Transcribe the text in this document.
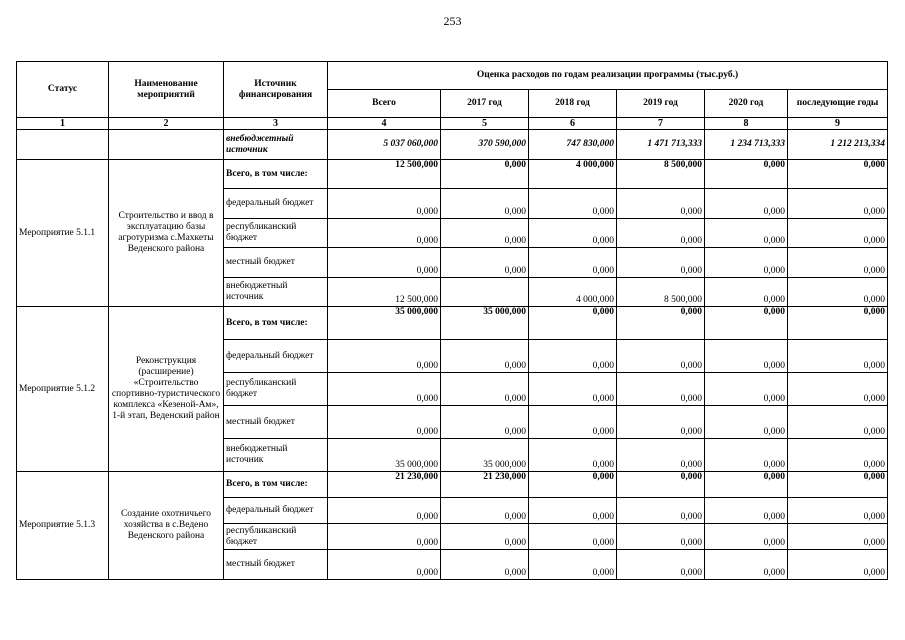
253
Статус	Наименование мероприятий	Источник финансирования	Оценка расходов по годам реализации программы (тыс.руб.)					
			Всего	2017 год	2018 год	2019 год	2020 год	последующие годы
1	2	3	4	5	6	7	8	9
		внебюджетный источник	5 037 060,000	370 590,000	747 830,000	1 471 713,333	1 234 713,333	1 212 213,334
Мероприятие 5.1.1	Строительство и ввод в эксплуатацию базы агротуризма с.Махкеты Веденского района	Всего, в том числе:	12 500,000	0,000	4 000,000	8 500,000	0,000	0,000
		федеральный бюджет	0,000	0,000	0,000	0,000	0,000	0,000
		республиканский бюджет	0,000	0,000	0,000	0,000	0,000	0,000
		местный бюджет	0,000	0,000	0,000	0,000	0,000	0,000
		внебюджетный источник	12 500,000		4 000,000	8 500,000	0,000	0,000
Мероприятие 5.1.2	Реконструкция (расширение) «Строительство спортивно-туристического комплекса «Кезеной-Ам», 1-й этап, Веденский район	Всего, в том числе:	35 000,000	35 000,000	0,000	0,000	0,000	0,000
		федеральный бюджет	0,000	0,000	0,000	0,000	0,000	0,000
		республиканский бюджет	0,000	0,000	0,000	0,000	0,000	0,000
		местный бюджет	0,000	0,000	0,000	0,000	0,000	0,000
		внебюджетный источник	35 000,000	35 000,000	0,000	0,000	0,000	0,000
Мероприятие 5.1.3	Создание охотничьего хозяйства в с.Ведено Веденского района	Всего, в том числе:	21 230,000	21 230,000	0,000	0,000	0,000	0,000
		федеральный бюджет	0,000	0,000	0,000	0,000	0,000	0,000
		республиканский бюджет	0,000	0,000	0,000	0,000	0,000	0,000
		местный бюджет	0,000	0,000	0,000	0,000	0,000	0,000
